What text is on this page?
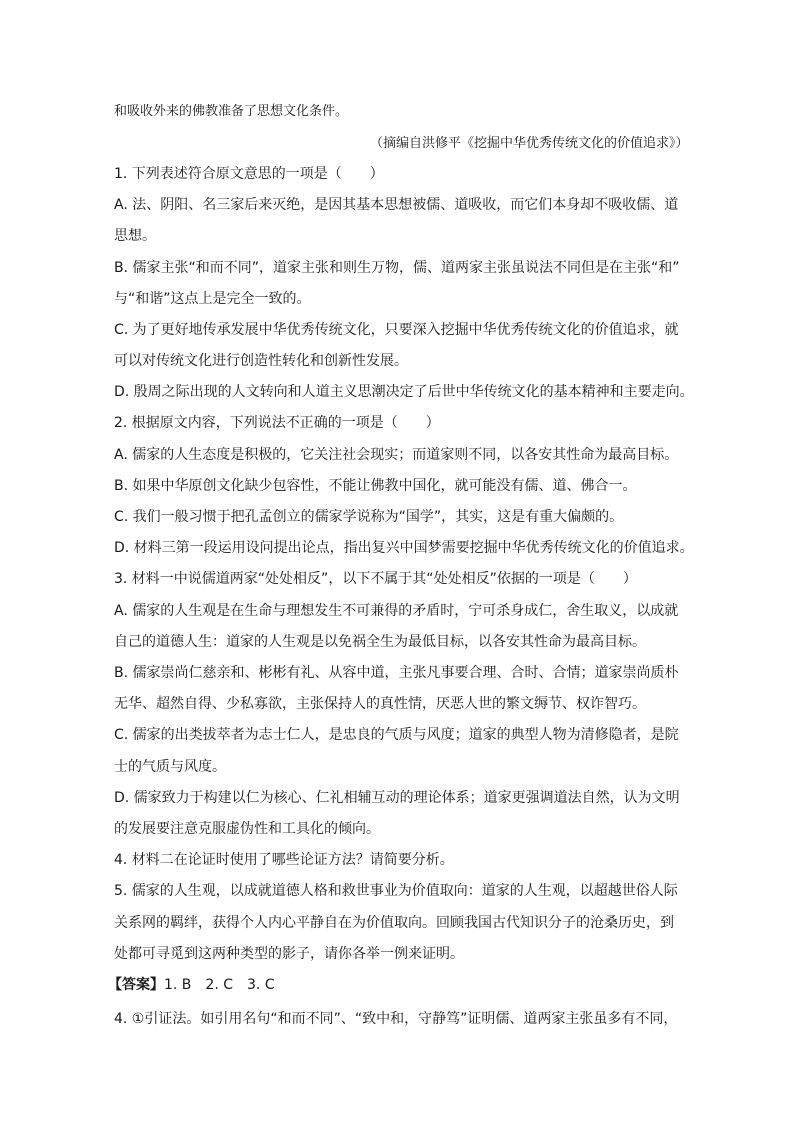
和吸收外来的佛教准备了思想文化条件。
（摘编自洪修平《挖掘中华优秀传统文化的价值追求》）
1. 下列表述符合原文意思的一项是（　　）
A. 法、阴阳、名三家后来灭绝，是因其基本思想被儒、道吸收，而它们本身却不吸收儒、道
思想。
B. 儒家主张“和而不同”，道家主张和则生万物，儒、道两家主张虽说法不同但是在主张“和”
与“和谐”这点上是完全一致的。
C. 为了更好地传承发展中华优秀传统文化，只要深入挖掘中华优秀传统文化的价值追求，就
可以对传统文化进行创造性转化和创新性发展。
D. 殷周之际出现的人文转向和人道主义思潮决定了后世中华传统文化的基本精神和主要走向。
2. 根据原文内容，下列说法不正确的一项是（　　）
A. 儒家的人生态度是积极的，它关注社会现实；而道家则不同，以各安其性命为最高目标。
B. 如果中华原创文化缺少包容性，不能让佛教中国化，就可能没有儒、道、佛合一。
C. 我们一般习惯于把孔孟创立的儒家学说称为“国学”，其实，这是有重大偏颇的。
D. 材料三第一段运用设问提出论点，指出复兴中国梦需要挖掘中华优秀传统文化的价值追求。
3. 材料一中说儒道两家“处处相反”，以下不属于其“处处相反”依据的一项是（　　）
A. 儒家的人生观是在生命与理想发生不可兼得的矛盾时，宁可杀身成仁，舍生取义，以成就
自己的道德人生：道家的人生观是以免祸全生为最低目标，以各安其性命为最高目标。
B. 儒家崇尚仁慈亲和、彬彬有礼、从容中道，主张凡事要合理、合时、合情；道家崇尚质朴
无华、超然自得、少私寡欲，主张保持人的真性情，厌恶人世的繁文缛节、权诈智巧。
C. 儒家的出类拔萃者为志士仁人，是忠良的气质与风度；道家的典型人物为清修隐者，是院
士的气质与风度。
D. 儒家致力于构建以仁为核心、仁礼相辅互动的理论体系；道家更强调道法自然，认为文明
的发展要注意克服虚伪性和工具化的倾向。
4. 材料二在论证时使用了哪些论证方法？请简要分析。
5. 儒家的人生观，以成就道德人格和救世事业为价值取向：道家的人生观，以超越世俗人际
关系网的羁绊，获得个人内心平静自在为价值取向。回顾我国古代知识分子的沧桑历史，到
处都可寻觅到这两种类型的影子，请你各举一例来证明。
【答案】1. B 2. C 3. C
4. ①引证法。如引用名句“和而不同”、“致中和，守静笃”证明儒、道两家主张虽多有不同，
